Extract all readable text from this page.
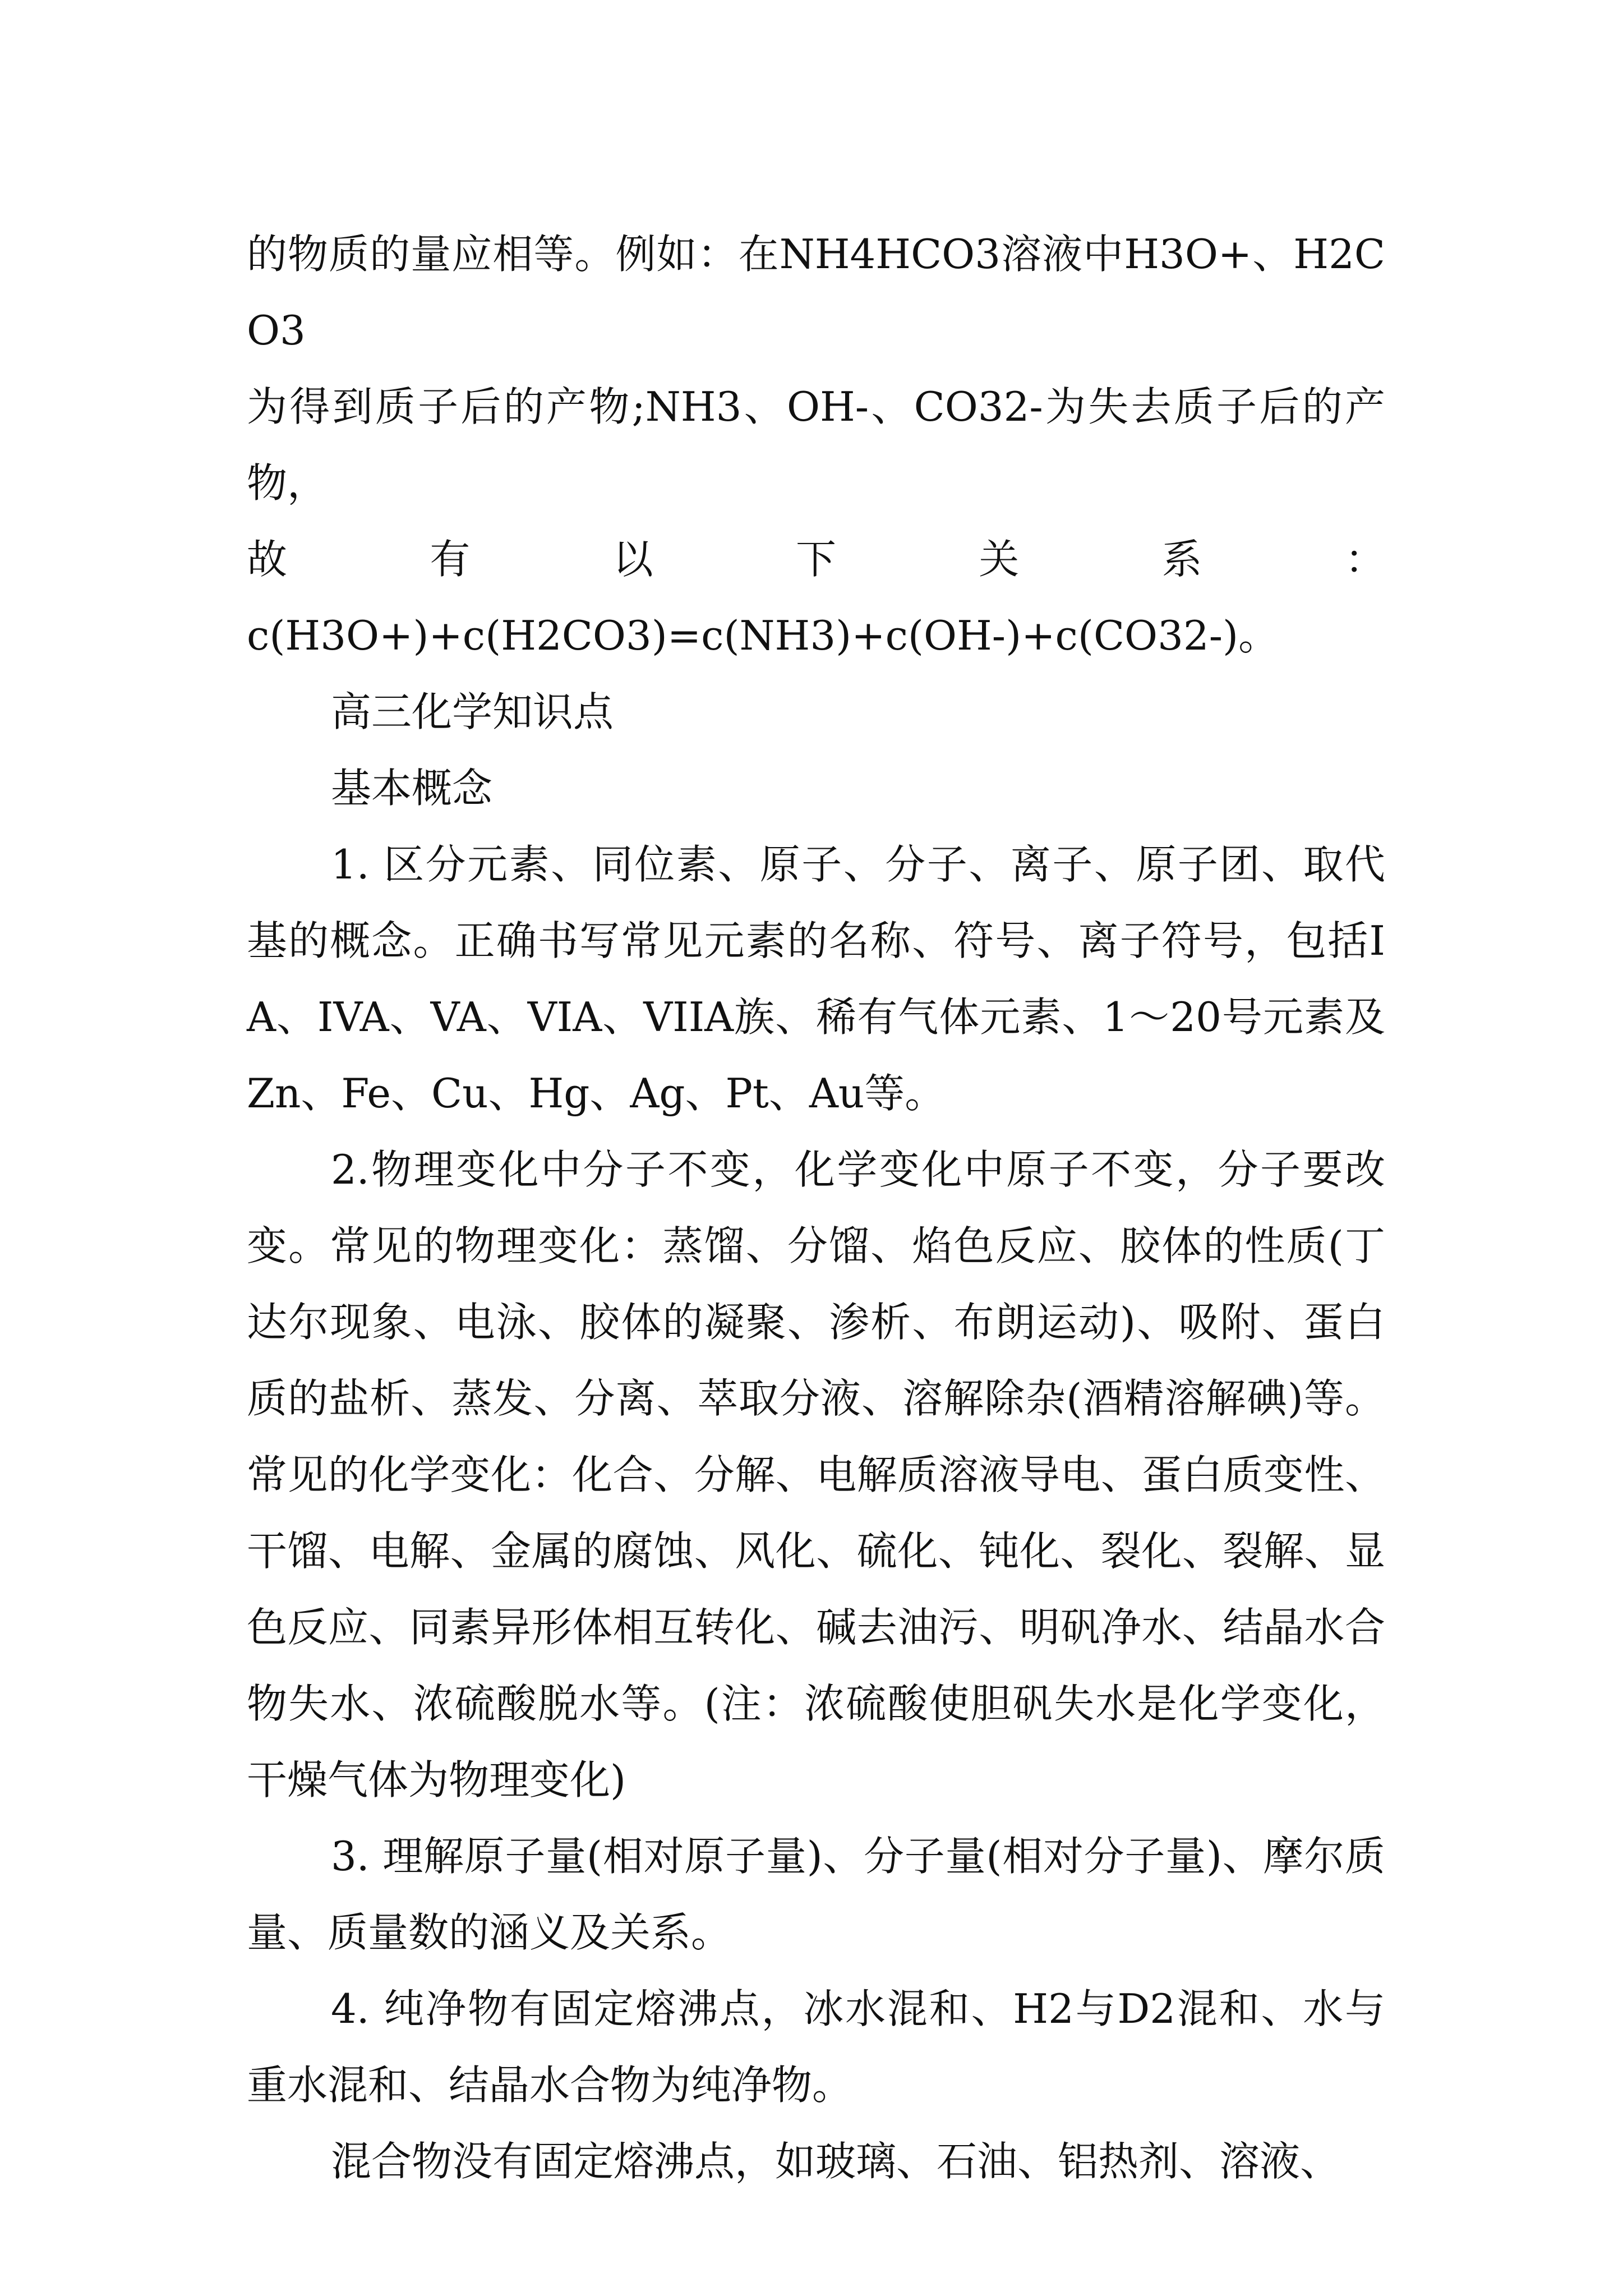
的物质的量应相等。例如：在NH4HCO3溶液中H3O+、H2CO3

为得到质子后的产物;NH3、OH-、CO32-为失去质子后的产物，

故	有	以	下	关	系	：

c(H3O+)+c(H2CO3)=c(NH3)+c(OH-)+c(CO32-)。

高三化学知识点

基本概念

1. 区分元素、同位素、原子、分子、离子、原子团、取代基的概念。正确书写常见元素的名称、符号、离子符号，包括IA、IVA、VA、VIA、VIIA族、稀有气体元素、1～20号元素及Zn、Fe、Cu、Hg、Ag、Pt、Au等。

2.物理变化中分子不变，化学变化中原子不变，分子要改变。常见的物理变化：蒸馏、分馏、焰色反应、胶体的性质(丁达尔现象、电泳、胶体的凝聚、渗析、布朗运动)、吸附、蛋白质的盐析、蒸发、分离、萃取分液、溶解除杂(酒精溶解碘)等。 常见的化学变化：化合、分解、电解质溶液导电、蛋白质变性、干馏、电解、金属的腐蚀、风化、硫化、钝化、裂化、裂解、显色反应、同素异形体相互转化、碱去油污、明矾净水、结晶水合物失水、浓硫酸脱水等。(注：浓硫酸使胆矾失水是化学变化，干燥气体为物理变化)

3. 理解原子量(相对原子量)、分子量(相对分子量)、摩尔质量、质量数的涵义及关系。

4. 纯净物有固定熔沸点，冰水混和、H2与D2混和、水与重水混和、结晶水合物为纯净物。

混合物没有固定熔沸点，如玻璃、石油、铝热剂、溶液、
